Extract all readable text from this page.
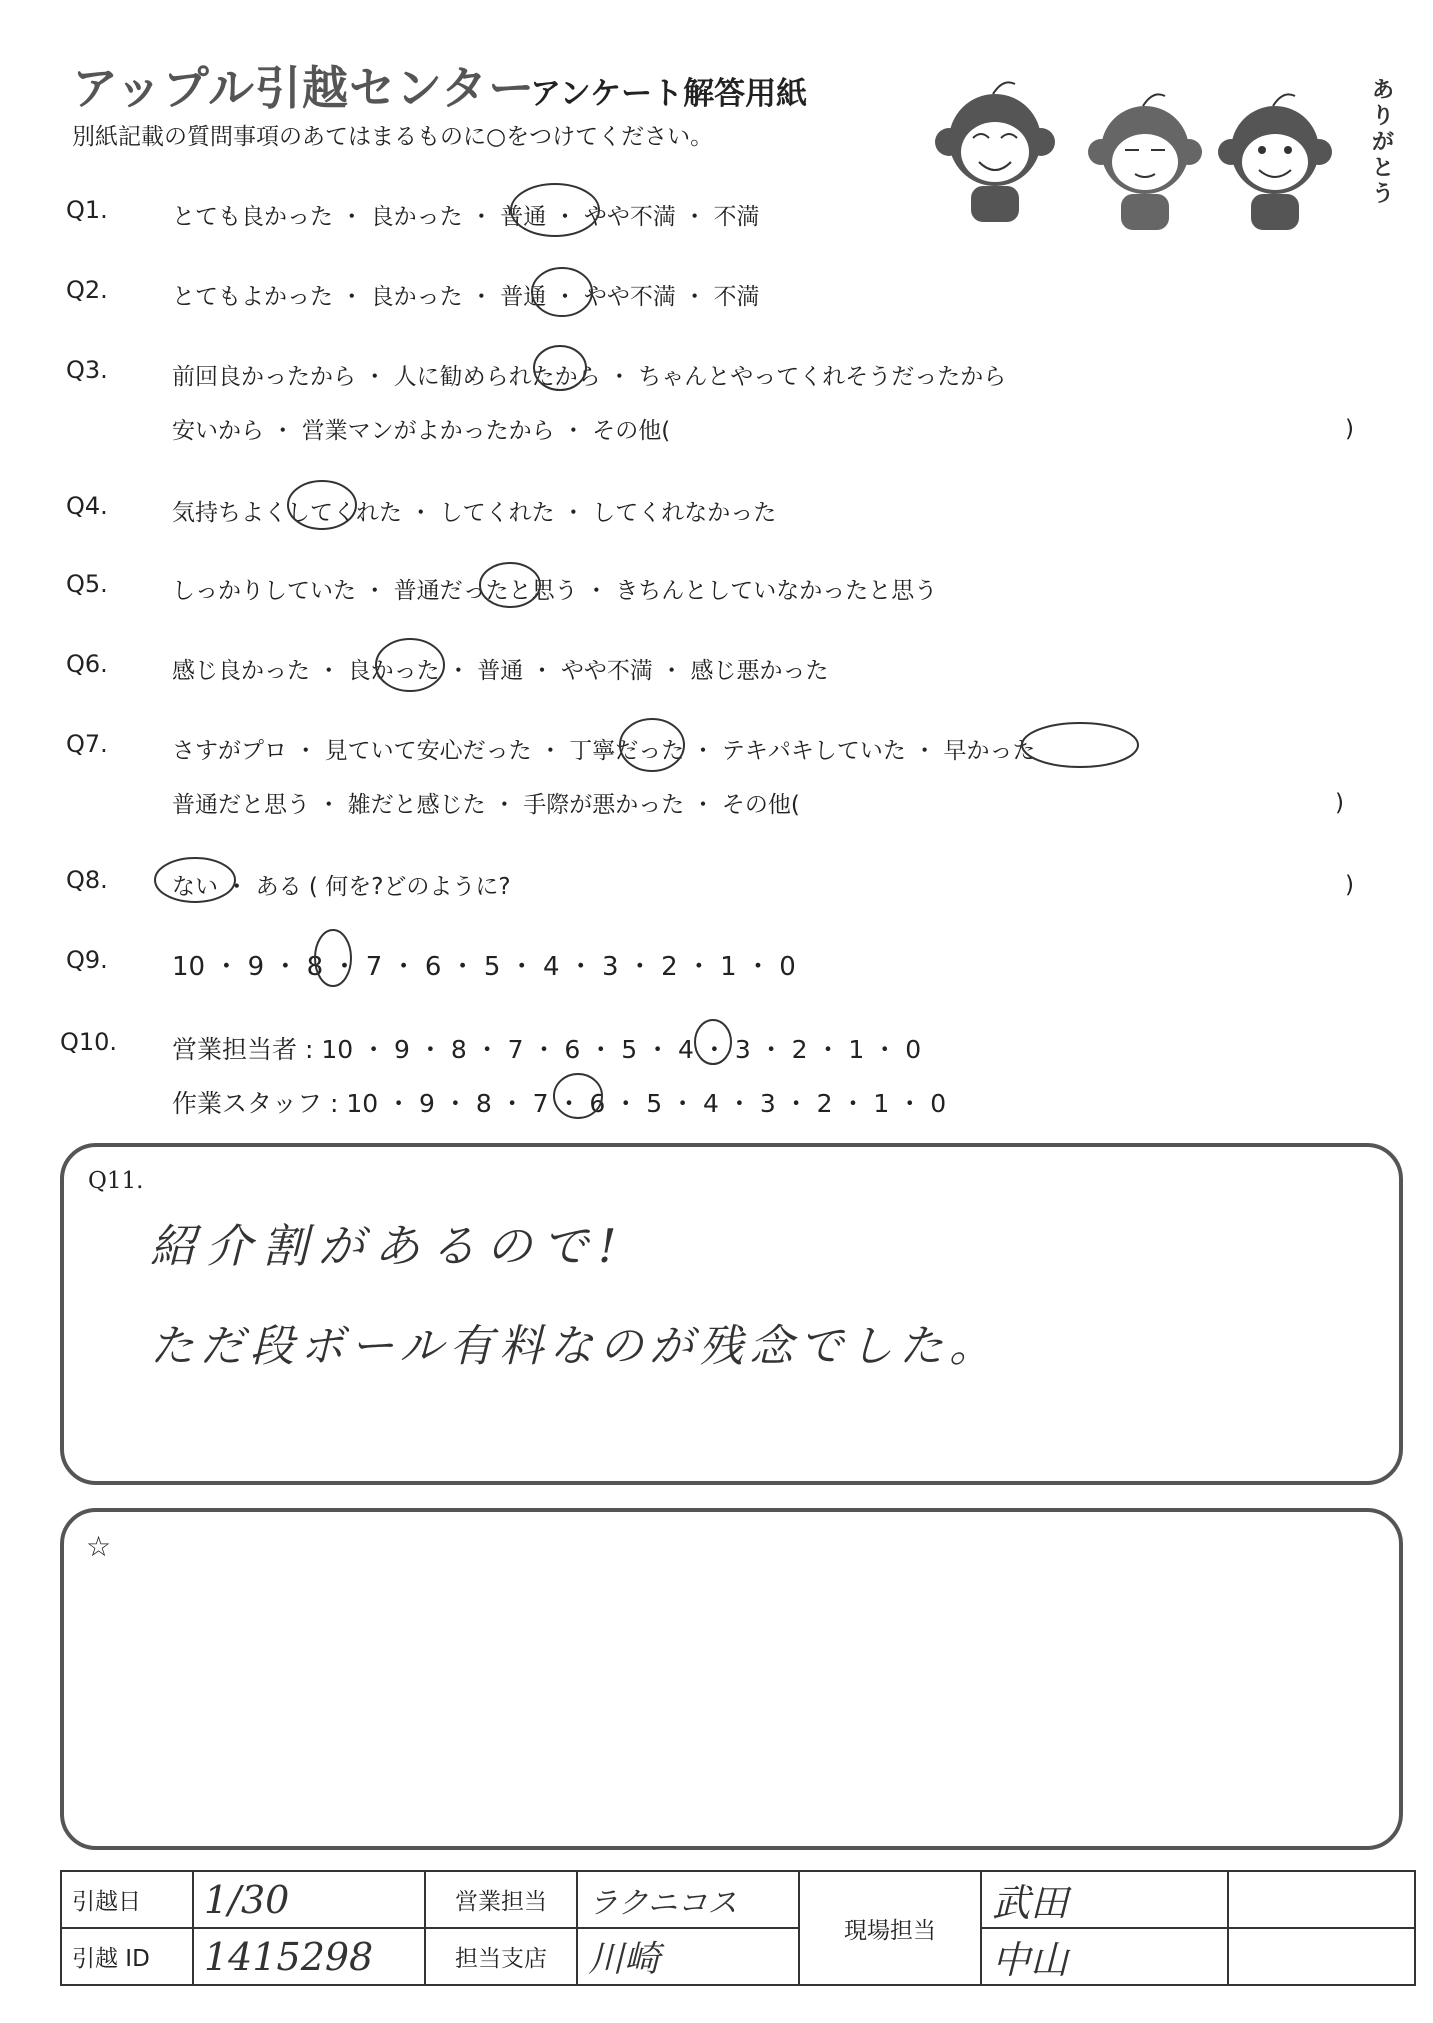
アップル引越センター
アンケート解答用紙
別紙記載の質問事項のあてはまるものに○をつけてください。
ありがとう
Q1.	とても良かった ・ 良かった ・ 普通 ・ やや不満 ・ 不満
Q2.	とてもよかった ・ 良かった ・ 普通 ・ やや不満 ・ 不満
Q3.	前回良かったから ・ 人に勧められたから ・ ちゃんとやってくれそうだったから
安いから ・ 営業マンがよかったから ・ その他(	)
Q4.	気持ちよくしてくれた ・ してくれた ・ してくれなかった
Q5.	しっかりしていた ・ 普通だったと思う ・ きちんとしていなかったと思う
Q6.	感じ良かった ・ 良かった ・ 普通 ・ やや不満 ・ 感じ悪かった
Q7.	さすがプロ ・ 見ていて安心だった ・ 丁寧だった ・ テキパキしていた ・ 早かった
普通だと思う ・ 雑だと感じた ・ 手際が悪かった ・ その他(	)
Q8.	ない ・ ある ( 何を?どのように?	)
Q9. 10 ・ 9 ・ 8 ・ 7 ・ 6 ・ 5 ・ 4 ・ 3 ・ 2 ・ 1 ・ 0
Q10. 営業担当者 : 10 ・ 9 ・ 8 ・ 7 ・ 6 ・ 5 ・ 4 ・ 3 ・ 2 ・ 1 ・ 0
作業スタッフ : 10 ・ 9 ・ 8 ・ 7 ・ 6 ・ 5 ・ 4 ・ 3 ・ 2 ・ 1 ・ 0
Q11.
紹介割があるので!
ただ段ボール有料なのが残念でした。
☆
引越日	1/30	営業担当	ラクニコス	現場担当	武田	
引越 ID	1415298	担当支店	川崎		中山	
